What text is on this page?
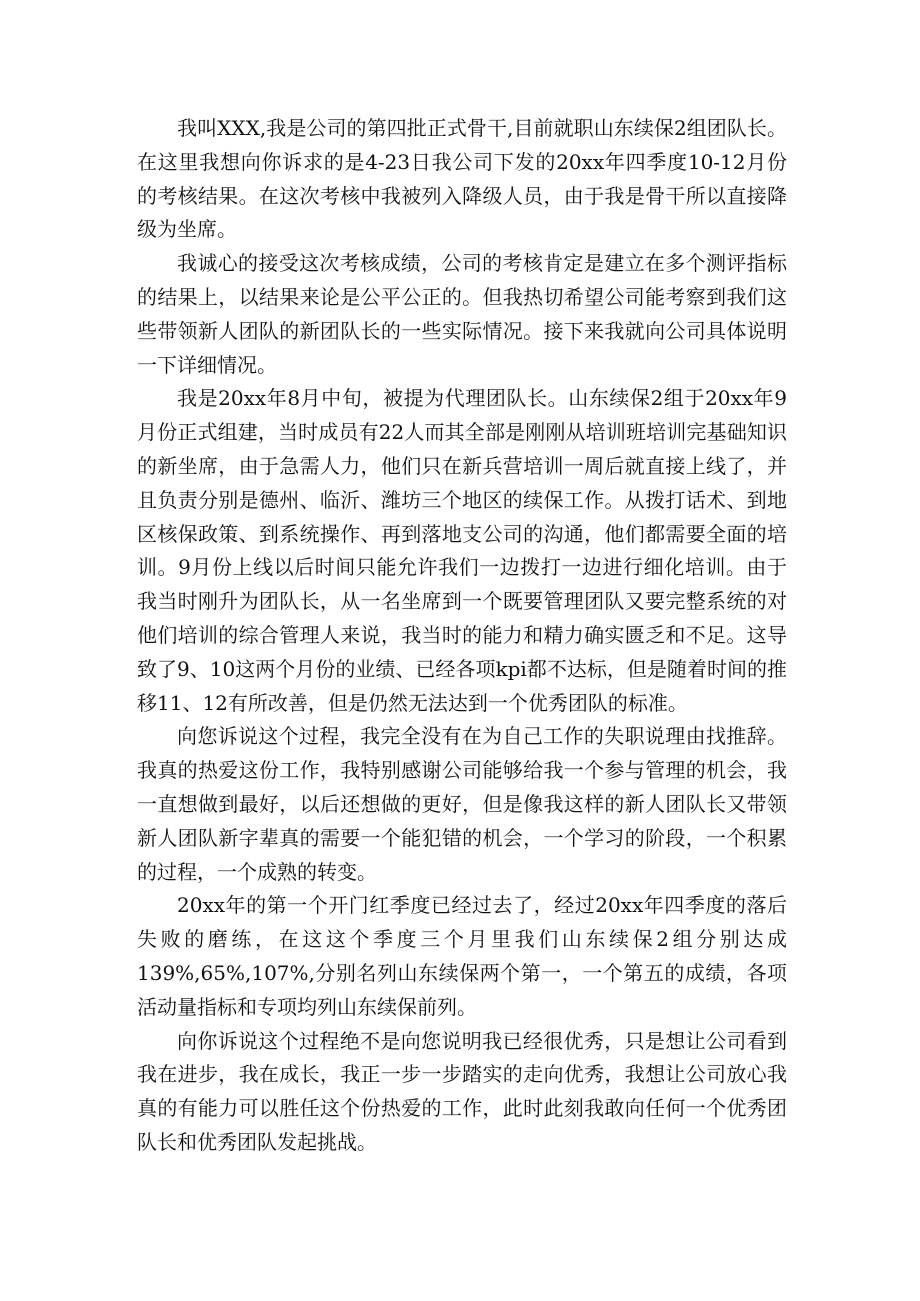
我叫XXX,我是公司的第四批正式骨干,目前就职山东续保2组团队长。在这里我想向你诉求的是4-23日我公司下发的20xx年四季度10-12月份的考核结果。在这次考核中我被列入降级人员，由于我是骨干所以直接降级为坐席。

我诚心的接受这次考核成绩，公司的考核肯定是建立在多个测评指标的结果上，以结果来论是公平公正的。但我热切希望公司能考察到我们这些带领新人团队的新团队长的一些实际情况。接下来我就向公司具体说明一下详细情况。

我是20xx年8月中旬，被提为代理团队长。山东续保2组于20xx年9月份正式组建，当时成员有22人而其全部是刚刚从培训班培训完基础知识的新坐席，由于急需人力，他们只在新兵营培训一周后就直接上线了，并且负责分别是德州、临沂、潍坊三个地区的续保工作。从拨打话术、到地区核保政策、到系统操作、再到落地支公司的沟通，他们都需要全面的培训。9月份上线以后时间只能允许我们一边拨打一边进行细化培训。由于我当时刚升为团队长，从一名坐席到一个既要管理团队又要完整系统的对他们培训的综合管理人来说，我当时的能力和精力确实匮乏和不足。这导致了9、10这两个月份的业绩、已经各项kpi都不达标，但是随着时间的推移11、12有所改善，但是仍然无法达到一个优秀团队的标准。

向您诉说这个过程，我完全没有在为自己工作的失职说理由找推辞。我真的热爱这份工作，我特别感谢公司能够给我一个参与管理的机会，我一直想做到最好，以后还想做的更好，但是像我这样的新人团队长又带领新人团队新字辈真的需要一个能犯错的机会，一个学习的阶段，一个积累的过程，一个成熟的转变。

20xx年的第一个开门红季度已经过去了，经过20xx年四季度的落后失败的磨练，在这这个季度三个月里我们山东续保2组分别达成139%,65%,107%,分别名列山东续保两个第一，一个第五的成绩，各项活动量指标和专项均列山东续保前列。

向你诉说这个过程绝不是向您说明我已经很优秀，只是想让公司看到我在进步，我在成长，我正一步一步踏实的走向优秀，我想让公司放心我真的有能力可以胜任这个份热爱的工作，此时此刻我敢向任何一个优秀团队长和优秀团队发起挑战。
